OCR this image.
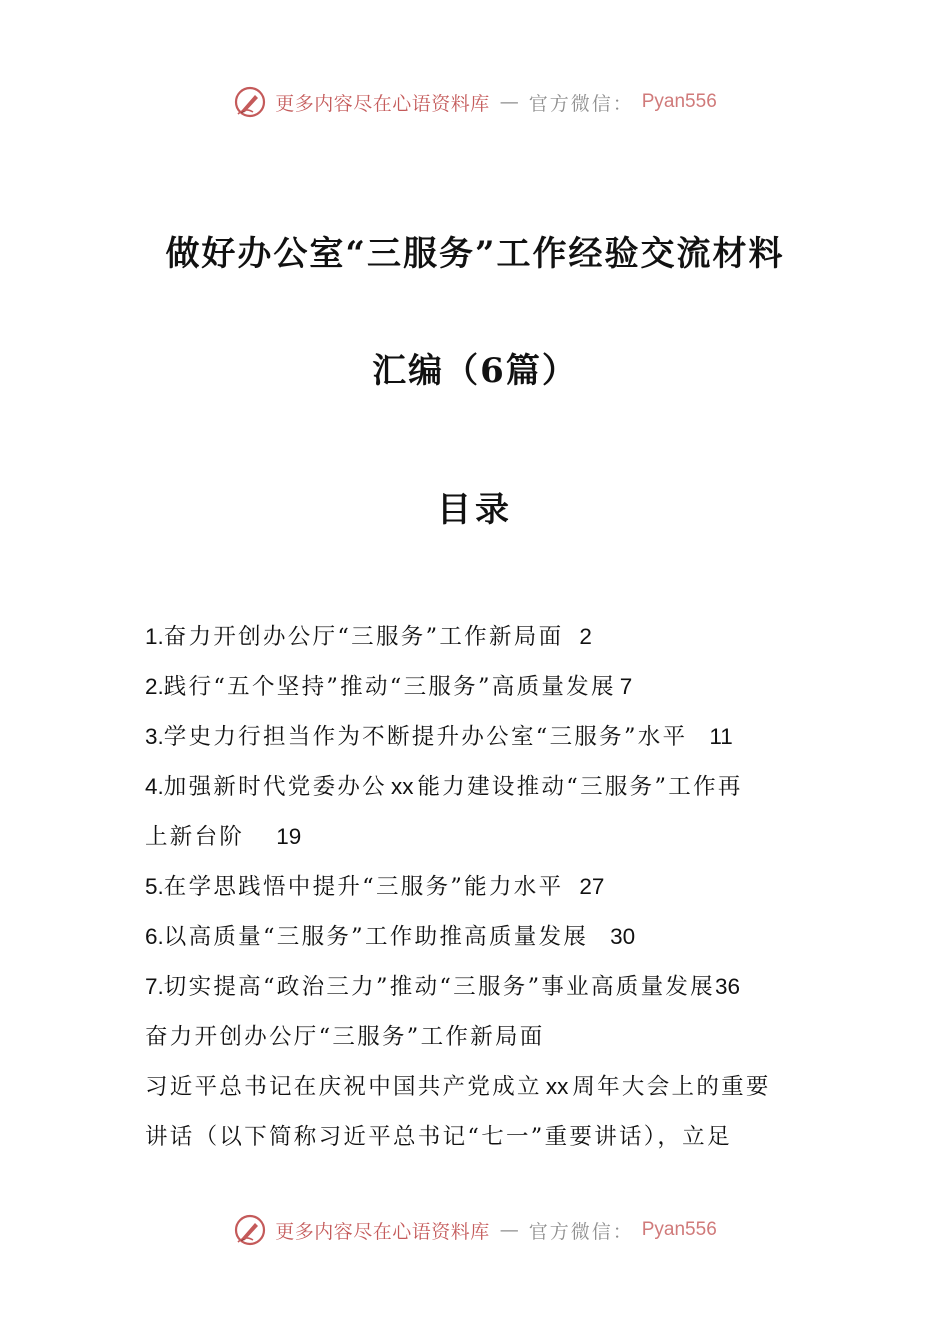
更多内容尽在心语资料库 — 官方微信： Pyan556
做好办公室“三服务”工作经验交流材料
汇编（6篇）
目录
1.奋力开创办公厅“三服务”工作新局面 2
2.践行“五个坚持”推动“三服务”高质量发展 7
3.学史力行担当作为不断提升办公室“三服务”水平 11
4.加强新时代党委办公 xx 能力建设推动“三服务”工作再
上新台阶 19
5.在学思践悟中提升“三服务”能力水平 27
6.以高质量“三服务”工作助推高质量发展 30
7.切实提高“政治三力”推动“三服务”事业高质量发展36
奋力开创办公厅“三服务”工作新局面
习近平总书记在庆祝中国共产党成立 xx 周年大会上的重要
讲话（以下简称习近平总书记“七一”重要讲话），立足
更多内容尽在心语资料库 — 官方微信： Pyan556
